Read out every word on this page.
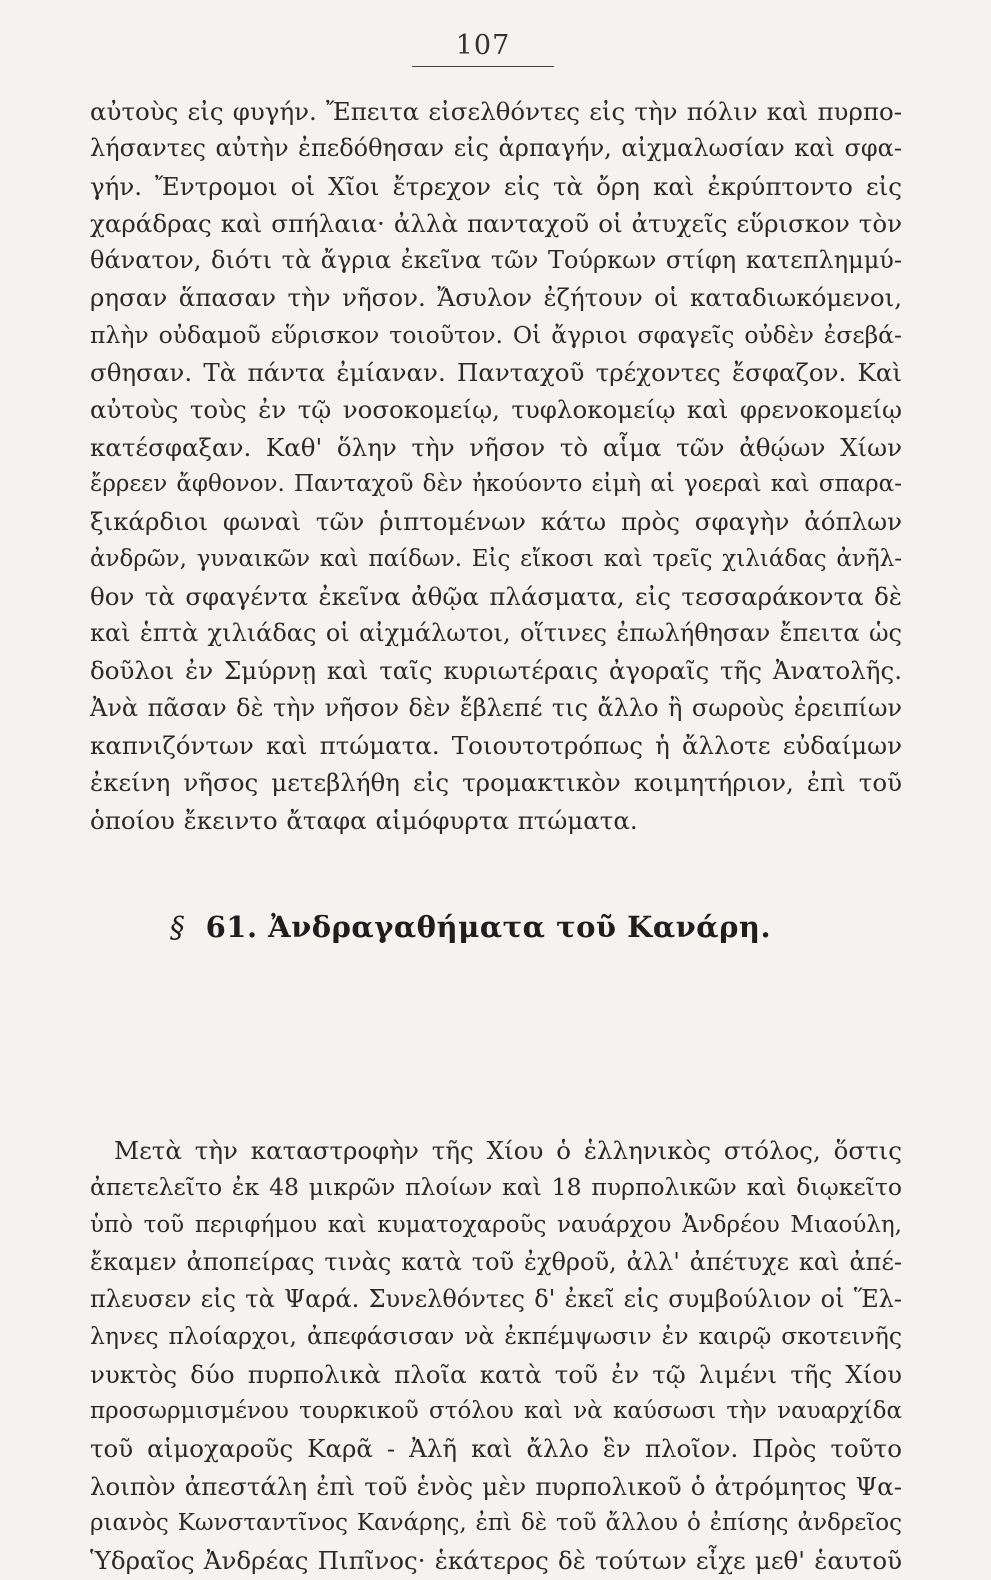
107
αὐτοὺς εἰς φυγήν. Ἔπειτα εἰσελθόντες εἰς τὴν πόλιν καὶ πυρπο-
λήσαντες αὐτὴν ἐπεδόθησαν εἰς ἁρπαγήν, αἰχμαλωσίαν καὶ σφα-
γήν. Ἔντρομοι οἱ Χῖοι ἔτρεχον εἰς τὰ ὄρη καὶ ἐκρύπτοντο εἰς
χαράδρας καὶ σπήλαια· ἀλλὰ πανταχοῦ οἱ ἀτυχεῖς εὕρισκον τὸν
θάνατον, διότι τὰ ἄγρια ἐκεῖνα τῶν Τούρκων στίφη κατεπλημμύ-
ρησαν ἅπασαν τὴν νῆσον. Ἄσυλον ἐζήτουν οἱ καταδιωκόμενοι,
πλὴν οὐδαμοῦ εὕρισκον τοιοῦτον. Οἱ ἄγριοι σφαγεῖς οὐδὲν ἐσεβά-
σθησαν. Τὰ πάντα ἐμίαναν. Πανταχοῦ τρέχοντες ἔσφαζον. Καὶ
αὐτοὺς τοὺς ἐν τῷ νοσοκομείῳ, τυφλοκομείῳ καὶ φρενοκομείῳ
κατέσφαξαν. Καθ' ὅλην τὴν νῆσον τὸ αἷμα τῶν ἀθῴων Χίων
ἔρρεεν ἄφθονον. Πανταχοῦ δὲν ἠκούοντο εἰμὴ αἱ γοεραὶ καὶ σπαρα-
ξικάρδιοι φωναὶ τῶν ῥιπτομένων κάτω πρὸς σφαγὴν ἀόπλων
ἀνδρῶν, γυναικῶν καὶ παίδων. Εἰς εἴκοσι καὶ τρεῖς χιλιάδας ἀνῆλ-
θον τὰ σφαγέντα ἐκεῖνα ἀθῷα πλάσματα, εἰς τεσσαράκοντα δὲ
καὶ ἑπτὰ χιλιάδας οἱ αἰχμάλωτοι, οἵτινες ἐπωλήθησαν ἔπειτα ὡς
δοῦλοι ἐν Σμύρνῃ καὶ ταῖς κυριωτέραις ἀγοραῖς τῆς Ἀνατολῆς.
Ἀνὰ πᾶσαν δὲ τὴν νῆσον δὲν ἔβλεπέ τις ἄλλο ἢ σωροὺς ἐρειπίων
καπνιζόντων καὶ πτώματα. Τοιουτοτρόπως ἡ ἄλλοτε εὐδαίμων
ἐκείνη νῆσος μετεβλήθη εἰς τρομακτικὸν κοιμητήριον, ἐπὶ τοῦ
ὁποίου ἔκειντο ἄταφα αἱμόφυρτα πτώματα.
§ 61. Ἀνδραγαθήματα τοῦ Κανάρη.
Μετὰ τὴν καταστροφὴν τῆς Χίου ὁ ἑλληνικὸς στόλος, ὅστις
ἀπετελεῖτο ἐκ 48 μικρῶν πλοίων καὶ 18 πυρπολικῶν καὶ διῳκεῖτο
ὑπὸ τοῦ περιφήμου καὶ κυματοχαροῦς ναυάρχου Ἀνδρέου Μιαούλη,
ἔκαμεν ἀποπείρας τινὰς κατὰ τοῦ ἐχθροῦ, ἀλλ' ἀπέτυχε καὶ ἀπέ-
πλευσεν εἰς τὰ Ψαρά. Συνελθόντες δ' ἐκεῖ εἰς συμβούλιον οἱ Ἕλ-
ληνες πλοίαρχοι, ἀπεφάσισαν νὰ ἐκπέμψωσιν ἐν καιρῷ σκοτεινῆς
νυκτὸς δύο πυρπολικὰ πλοῖα κατὰ τοῦ ἐν τῷ λιμένι τῆς Χίου
προσωρμισμένου τουρκικοῦ στόλου καὶ νὰ καύσωσι τὴν ναυαρχίδα
τοῦ αἱμοχαροῦς Καρᾶ - Ἀλῆ καὶ ἄλλο ἓν πλοῖον. Πρὸς τοῦτο
λοιπὸν ἀπεστάλη ἐπὶ τοῦ ἑνὸς μὲν πυρπολικοῦ ὁ ἀτρόμητος Ψα-
ριανὸς Κωνσταντῖνος Κανάρης, ἐπὶ δὲ τοῦ ἄλλου ὁ ἐπίσης ἀνδρεῖος
Ὑδραῖος Ἀνδρέας Πιπῖνος· ἑκάτερος δὲ τούτων εἶχε μεθ' ἑαυτοῦ
